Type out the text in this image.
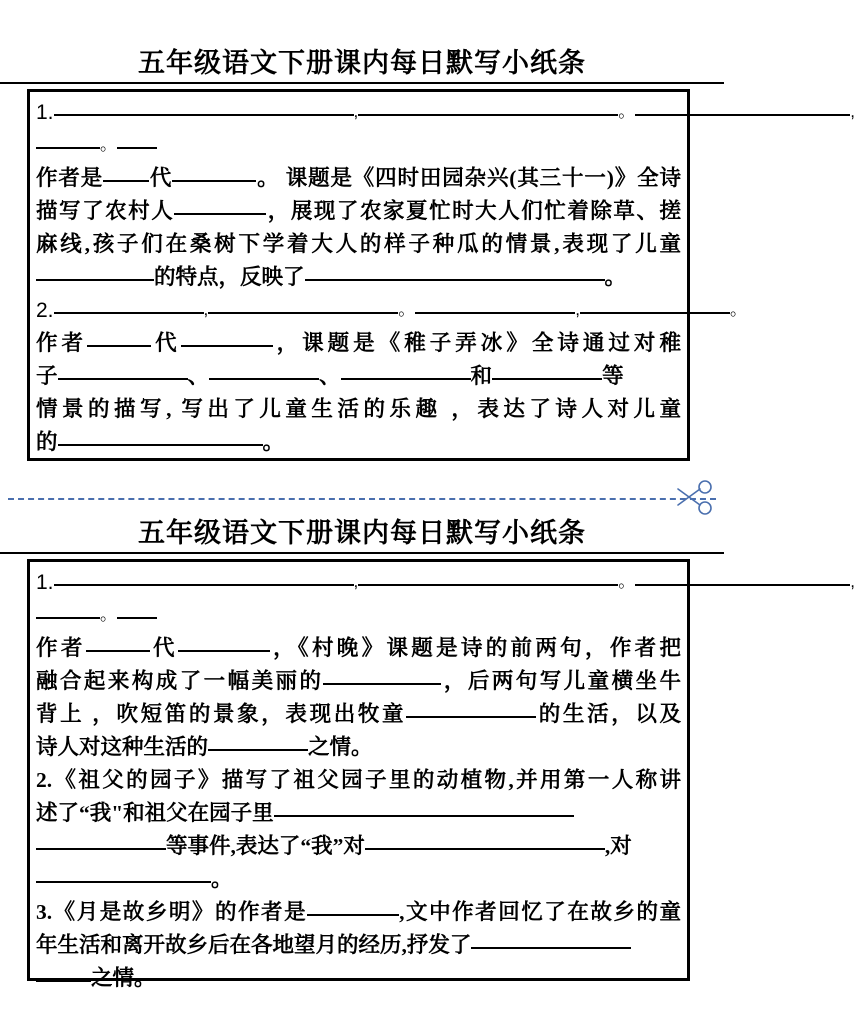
五年级语文下册课内每日默写小纸条
1.	,	。	,
。
作者是 代	。 课题是《四时田园杂兴(其三十一)》全诗
描写了农村人	，展现了农家夏忙时大人们忙着除草、搓
麻线,孩子们在桑树下学着大人的样子种瓜的情景,表现了儿童
的特点，反映了	。
2.	,	。	,	。
作者	代	，课题是《稚子弄冰》全诗通过对稚
子	、	、	和	等
情景的描写, 写出了儿童生活的乐趣 ，表达了诗人对儿童
的	。
五年级语文下册课内每日默写小纸条
1.	,	。	,
。
作者	代	，《村晚》课题是诗的前两句，作者把
融合起来构成了一幅美丽的	，后两句写儿童横坐牛
背上 ，吹短笛的景象，表现出牧童	的生活，以及
诗人对这种生活的	之情。
2.《祖父的园子》描写了祖父园子里的动植物,并用第一人称讲
述了“我"和祖父在园子里
等事件,表达了“我”对	,对
。
3.《月是故乡明》的作者是	,文中作者回忆了在故乡的童
年生活和离开故乡后在各地望月的经历,抒发了
之情。
